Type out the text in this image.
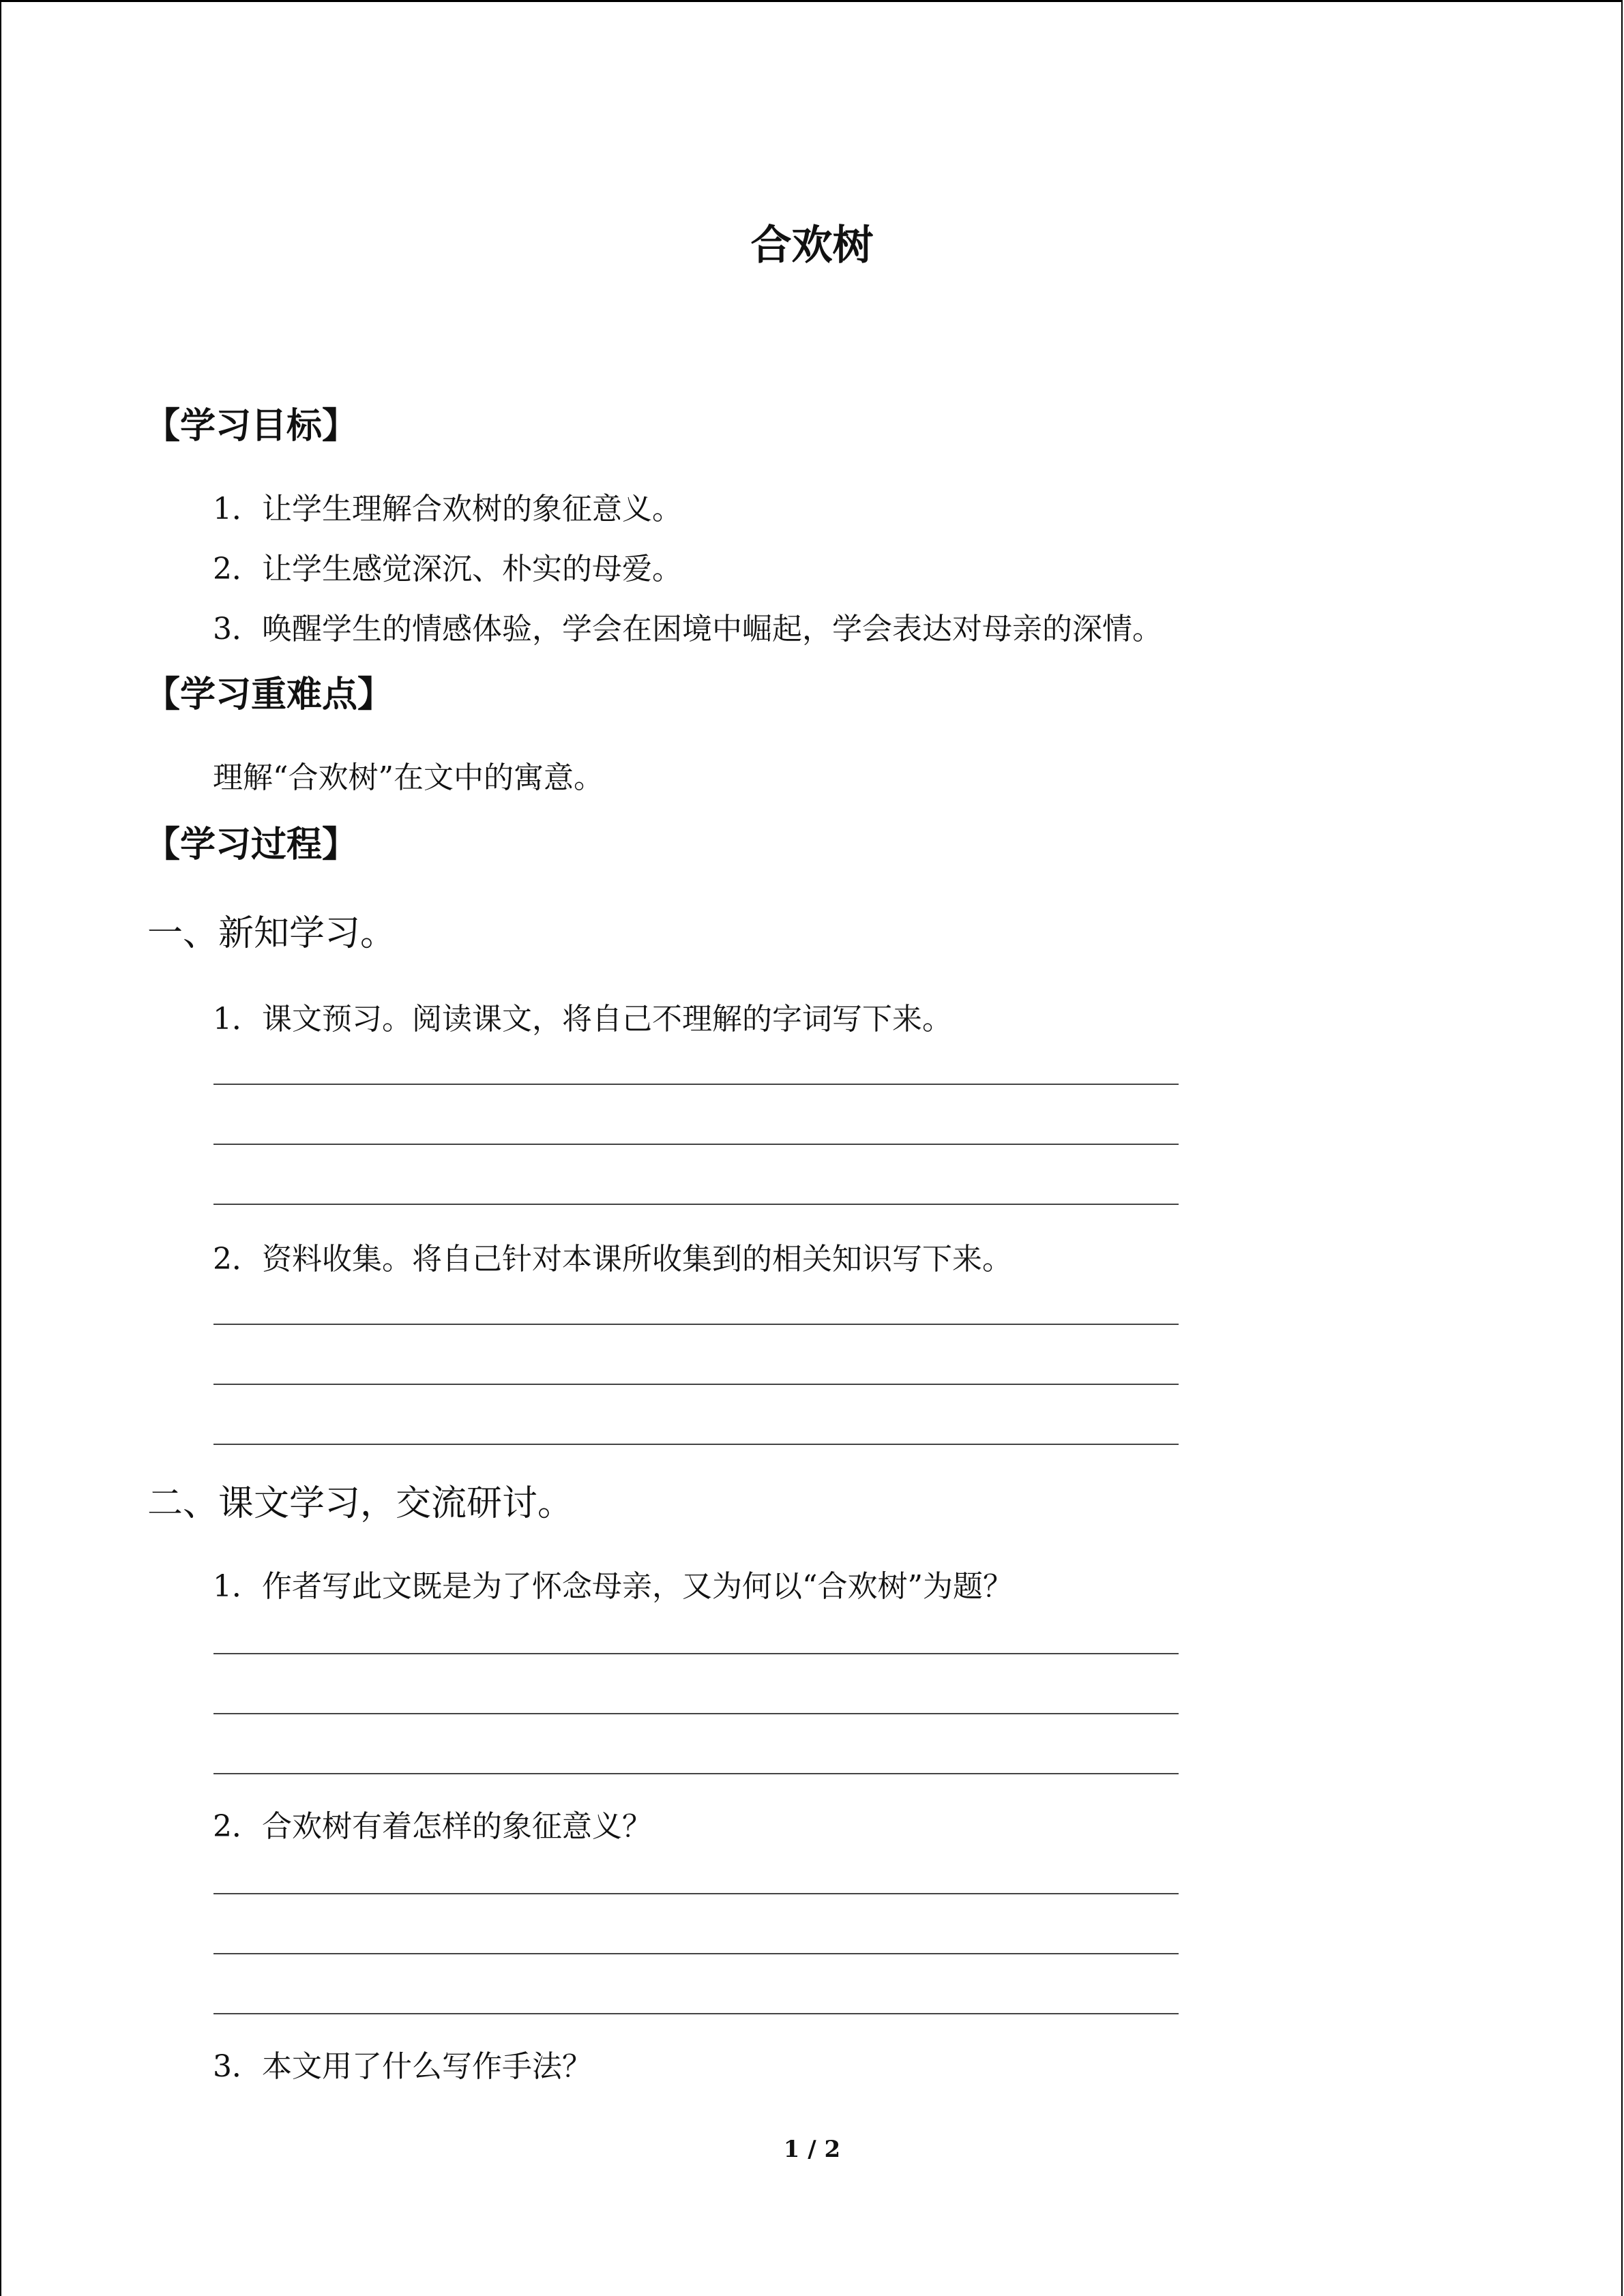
合欢树
【学习目标】
1．让学生理解合欢树的象征意义。
2．让学生感觉深沉、朴实的母爱。
3．唤醒学生的情感体验，学会在困境中崛起，学会表达对母亲的深情。
【学习重难点】
理解“合欢树”在文中的寓意。
【学习过程】
一、新知学习。
1．课文预习。阅读课文，将自己不理解的字词写下来。
2．资料收集。将自己针对本课所收集到的相关知识写下来。
二、课文学习，交流研讨。
1．作者写此文既是为了怀念母亲，又为何以“合欢树”为题？
2．合欢树有着怎样的象征意义？
3．本文用了什么写作手法？
1 / 2
